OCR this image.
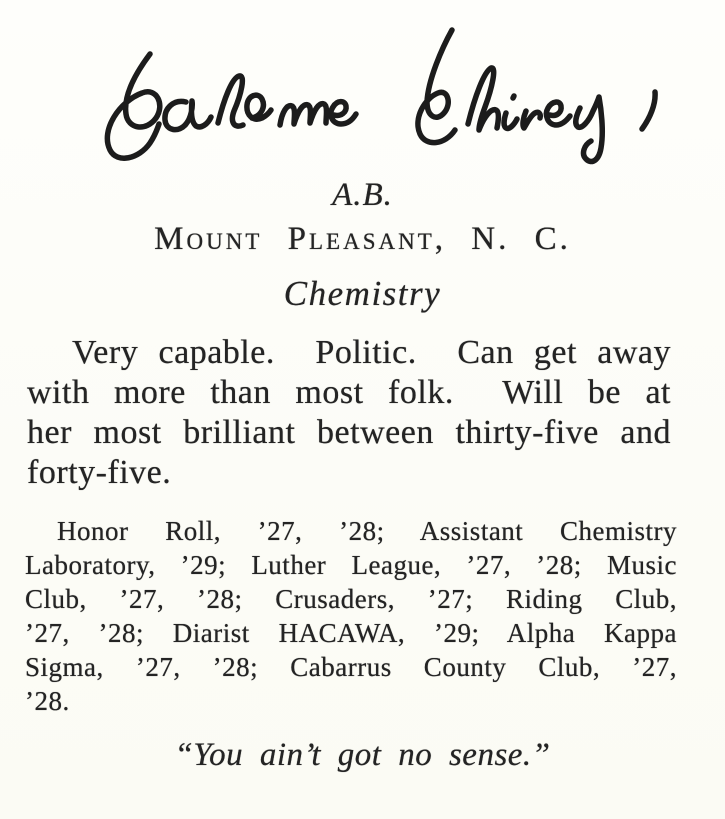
A.B.
Mount Pleasant, N. C.
Chemistry
Very capable.  Politic.  Can get away
with more than most folk.  Will be at
her most brilliant between thirty-five and
forty-five.
Honor Roll, ’27, ’28; Assistant Chemistry
Laboratory, ’29; Luther League, ’27, ’28; Music
Club, ’27, ’28; Crusaders, ’27; Riding Club,
’27, ’28; Diarist HACAWA, ’29; Alpha Kappa
Sigma, ’27, ’28; Cabarrus County Club, ’27,
’28.
“You ain’t got no sense.”
